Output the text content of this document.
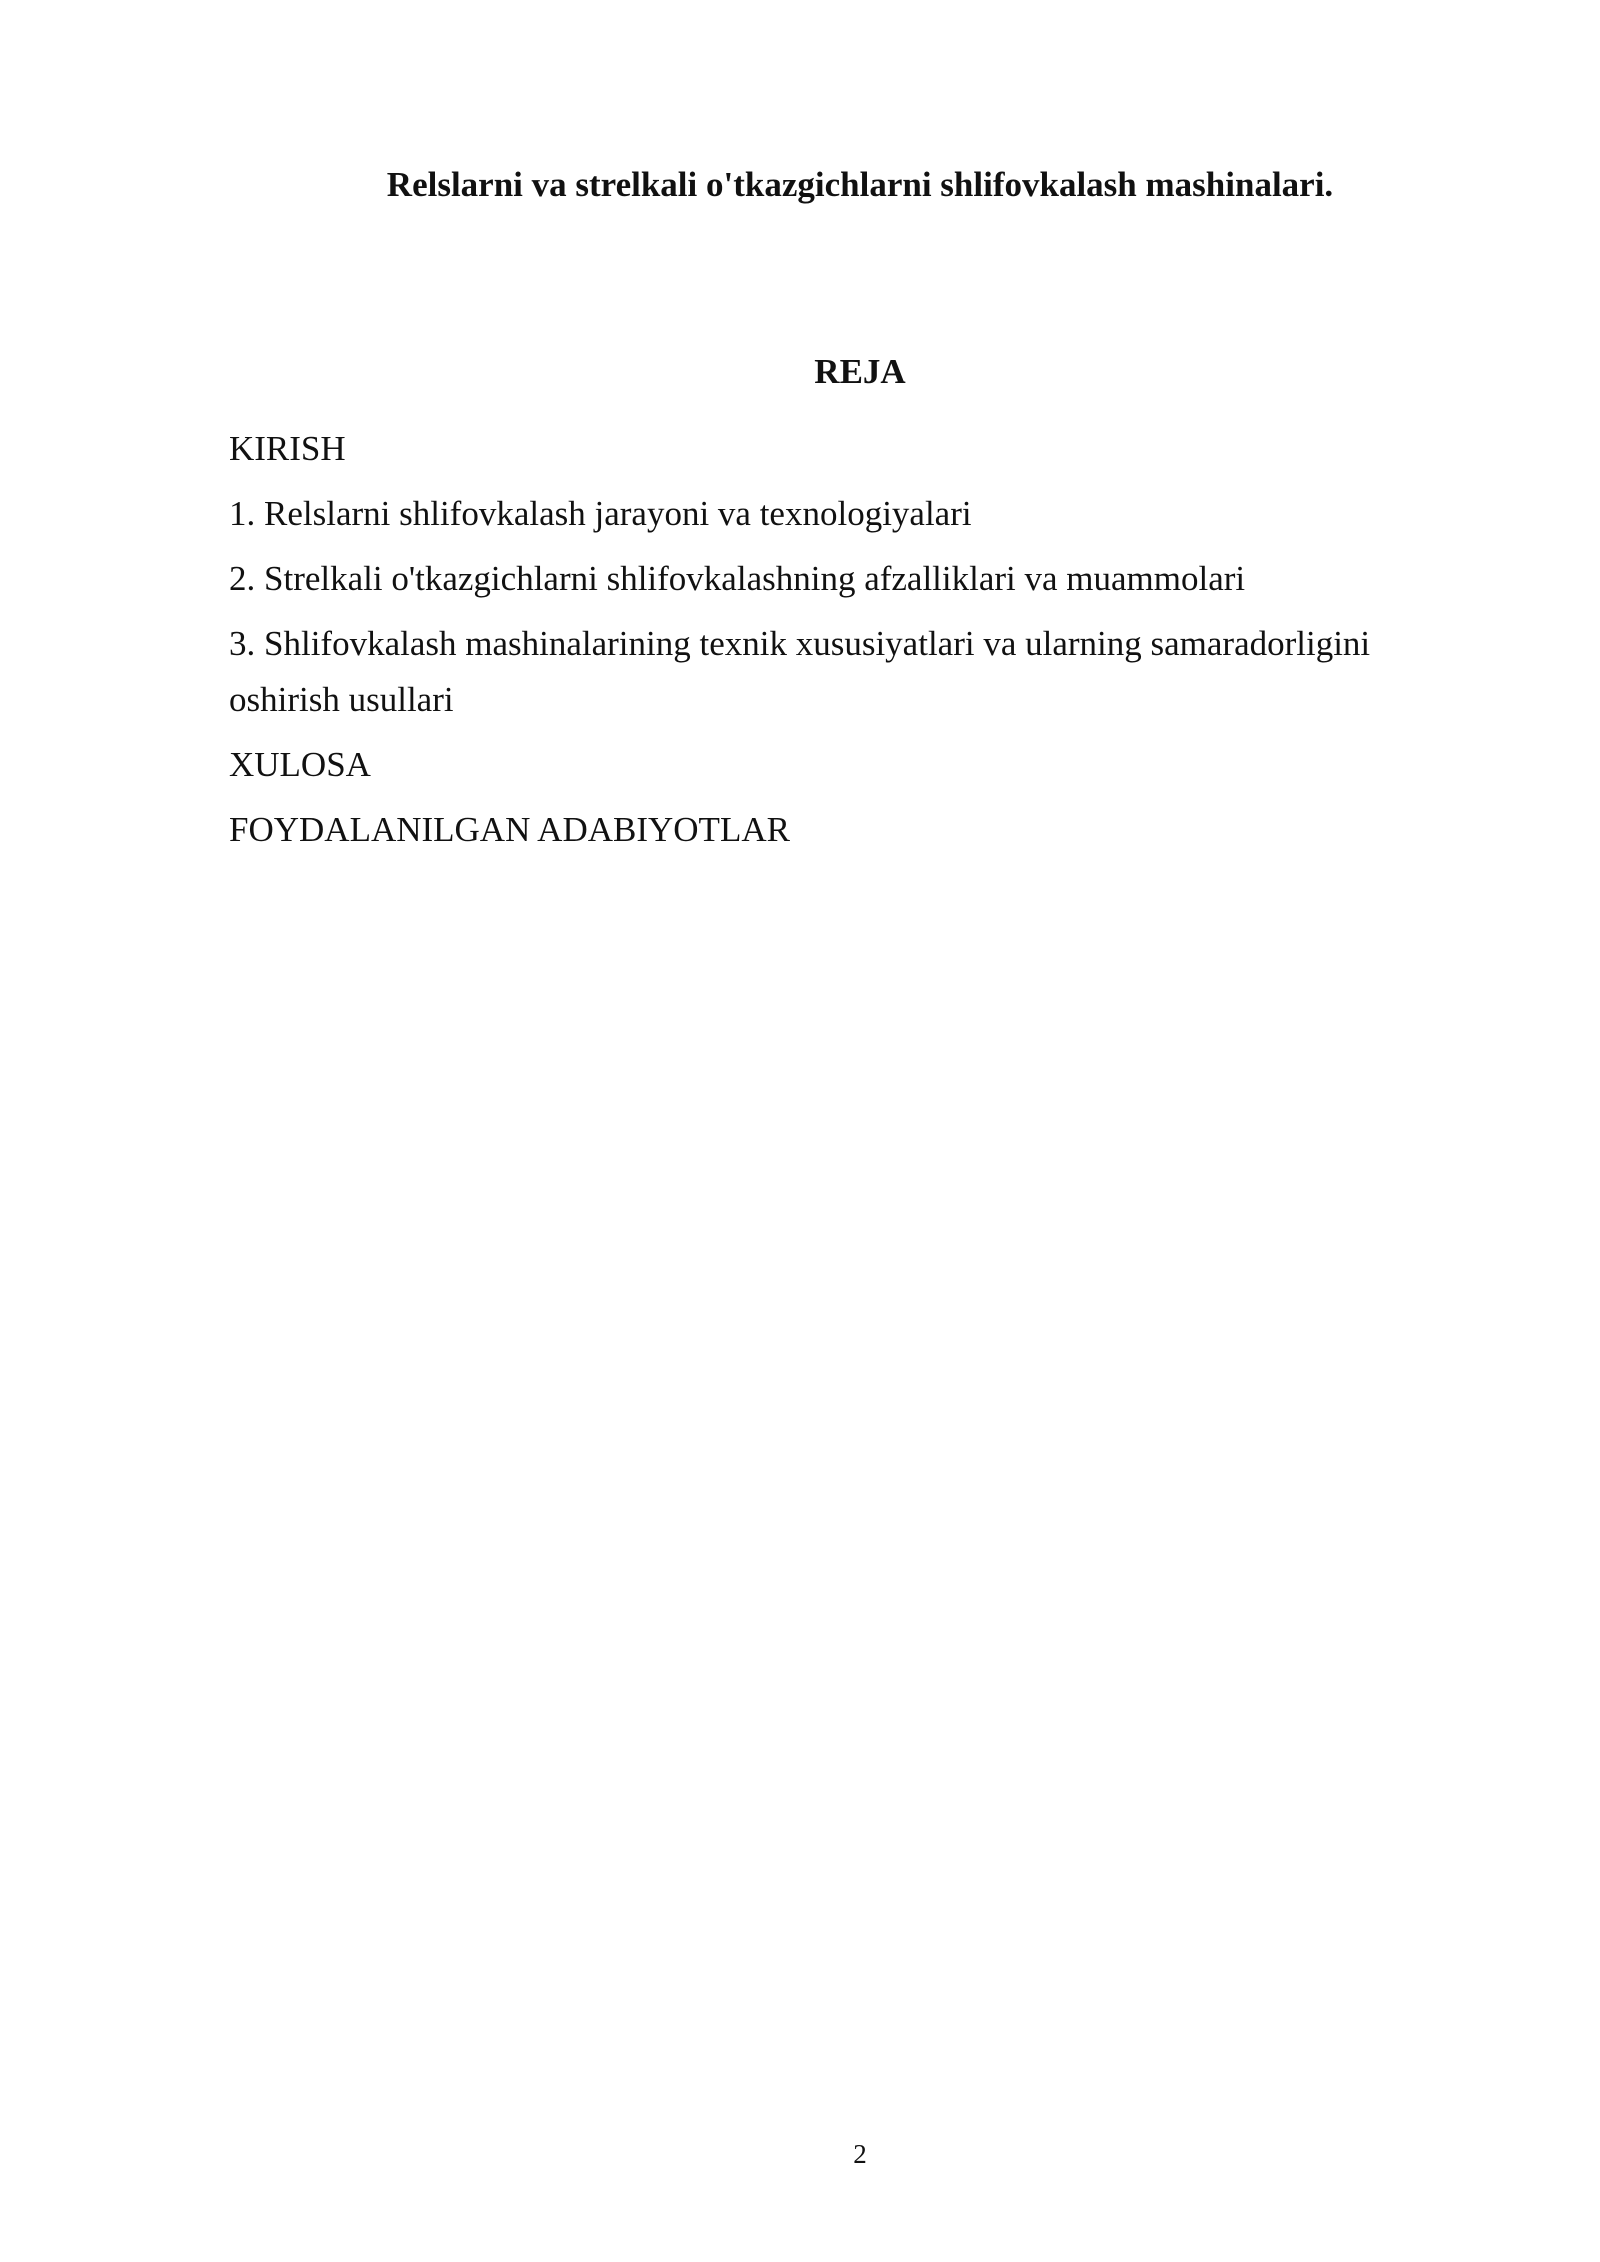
Relslarni va strelkali o'tkazgichlarni shlifovkalash mashinalari.
REJA
KIRISH
1. Relslarni shlifovkalash jarayoni va texnologiyalari
2. Strelkali o'tkazgichlarni shlifovkalashning afzalliklari va muammolari
3. Shlifovkalash mashinalarining texnik xususiyatlari va ularning samaradorligini oshirish usullari
XULOSA
FOYDALANILGAN ADABIYOTLAR
2
